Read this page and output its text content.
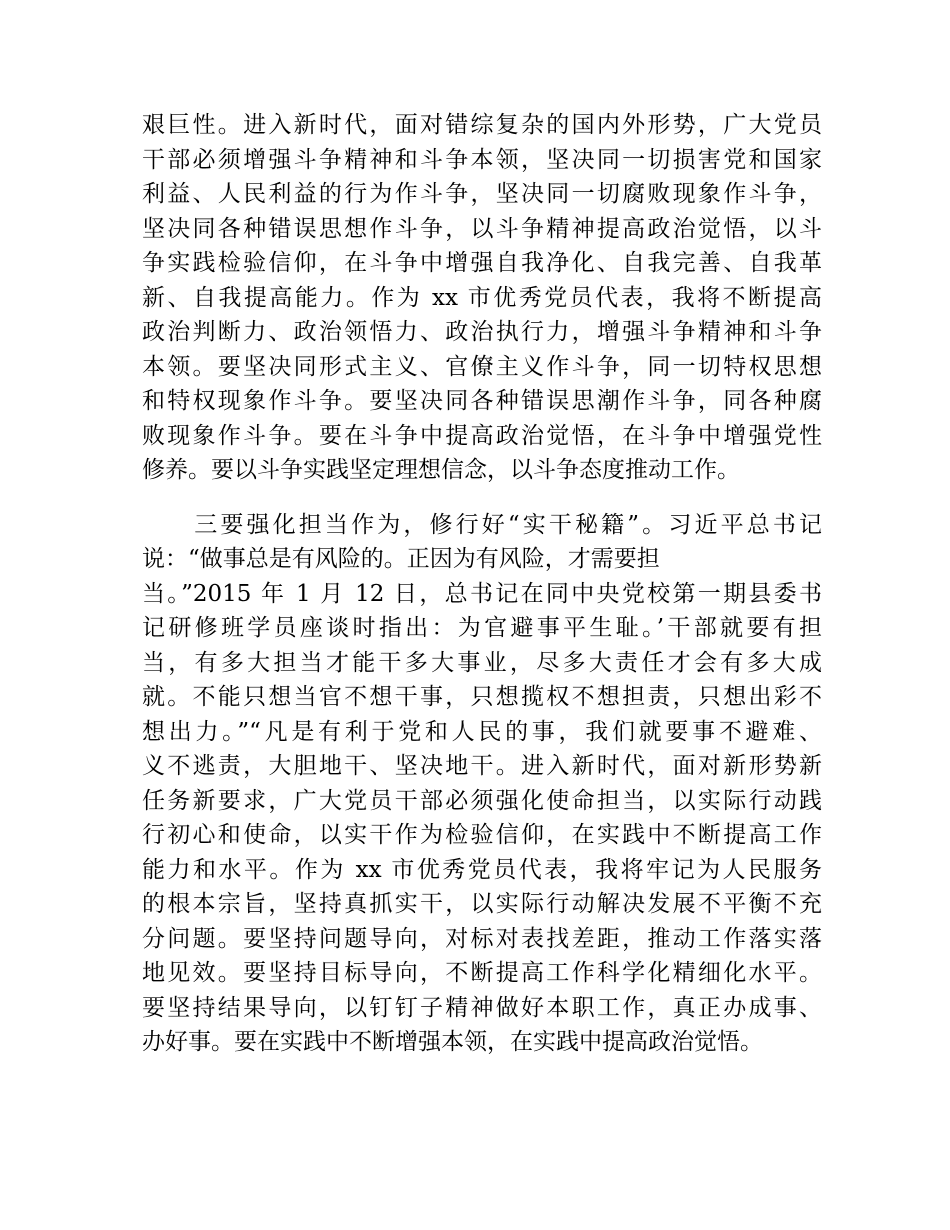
艰巨性。进入新时代，面对错综复杂的国内外形势，广大党员
干部必须增强斗争精神和斗争本领，坚决同一切损害党和国家
利益、人民利益的行为作斗争，坚决同一切腐败现象作斗争，
坚决同各种错误思想作斗争，以斗争精神提高政治觉悟，以斗
争实践检验信仰，在斗争中增强自我净化、自我完善、自我革
新、自我提高能力。作为 xx 市优秀党员代表，我将不断提高
政治判断力、政治领悟力、政治执行力，增强斗争精神和斗争
本领。要坚决同形式主义、官僚主义作斗争，同一切特权思想
和特权现象作斗争。要坚决同各种错误思潮作斗争，同各种腐
败现象作斗争。要在斗争中提高政治觉悟，在斗争中增强党性
修养。要以斗争实践坚定理想信念，以斗争态度推动工作。
　　三要强化担当作为，修行好“实干秘籍”。习近平总书记
说：“做事总是有风险的。正因为有风险，才需要担
当。”2015 年 1 月 12 日，总书记在同中央党校第一期县委书
记研修班学员座谈时指出：为官避事平生耻。’干部就要有担
当，有多大担当才能干多大事业，尽多大责任才会有多大成
就。不能只想当官不想干事，只想揽权不想担责，只想出彩不
想出力。”“凡是有利于党和人民的事，我们就要事不避难、
义不逃责，大胆地干、坚决地干。进入新时代，面对新形势新
任务新要求，广大党员干部必须强化使命担当，以实际行动践
行初心和使命，以实干作为检验信仰，在实践中不断提高工作
能力和水平。作为 xx 市优秀党员代表，我将牢记为人民服务
的根本宗旨，坚持真抓实干，以实际行动解决发展不平衡不充
分问题。要坚持问题导向，对标对表找差距，推动工作落实落
地见效。要坚持目标导向，不断提高工作科学化精细化水平。
要坚持结果导向，以钉钉子精神做好本职工作，真正办成事、
办好事。要在实践中不断增强本领，在实践中提高政治觉悟。
